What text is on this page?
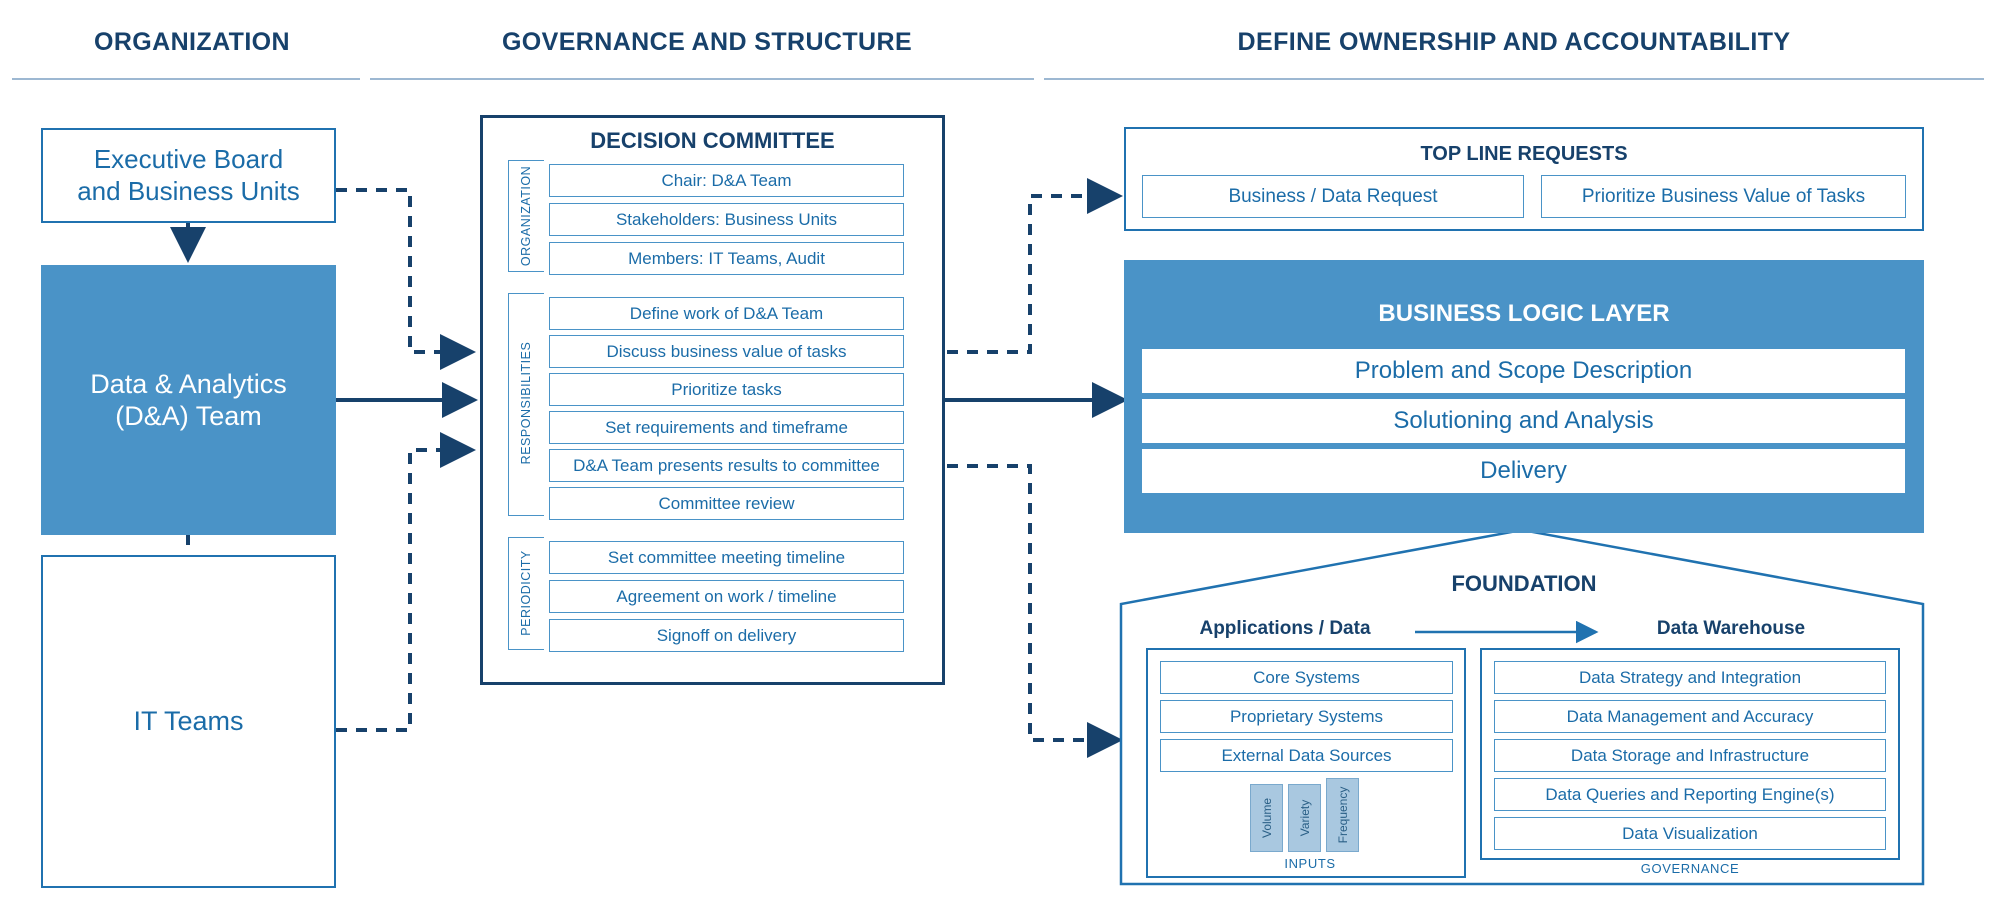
ORGANIZATION	GOVERNANCE AND STRUCTURE	DEFINE OWNERSHIP AND ACCOUNTABILITY
Executive Board
and Business Units
Data & Analytics
(D&A) Team
IT Teams
DECISION COMMITTEE
ORGANIZATION	Chair: D&A Team
Stakeholders: Business Units
Members: IT Teams, Audit
RESPONSIBILITIES
Define work of D&A Team
Discuss business value of tasks
Prioritize tasks
Set requirements and timeframe
D&A Team presents results to committee
Committee review
PERIODICITY	Set committee meeting timeline
Agreement on work / timeline
Signoff on delivery
TOP LINE REQUESTS
Business / Data Request	Prioritize Business Value of Tasks
BUSINESS LOGIC LAYER
Problem and Scope Description
Solutioning and Analysis
Delivery
FOUNDATION
Applications / Data	Data Warehouse
Core Systems
Proprietary Systems
External Data Sources
Volume Variety Frequency
INPUTS
Data Strategy and Integration
Data Management and Accuracy
Data Storage and Infrastructure
Data Queries and Reporting Engine(s)
Data Visualization
GOVERNANCE
